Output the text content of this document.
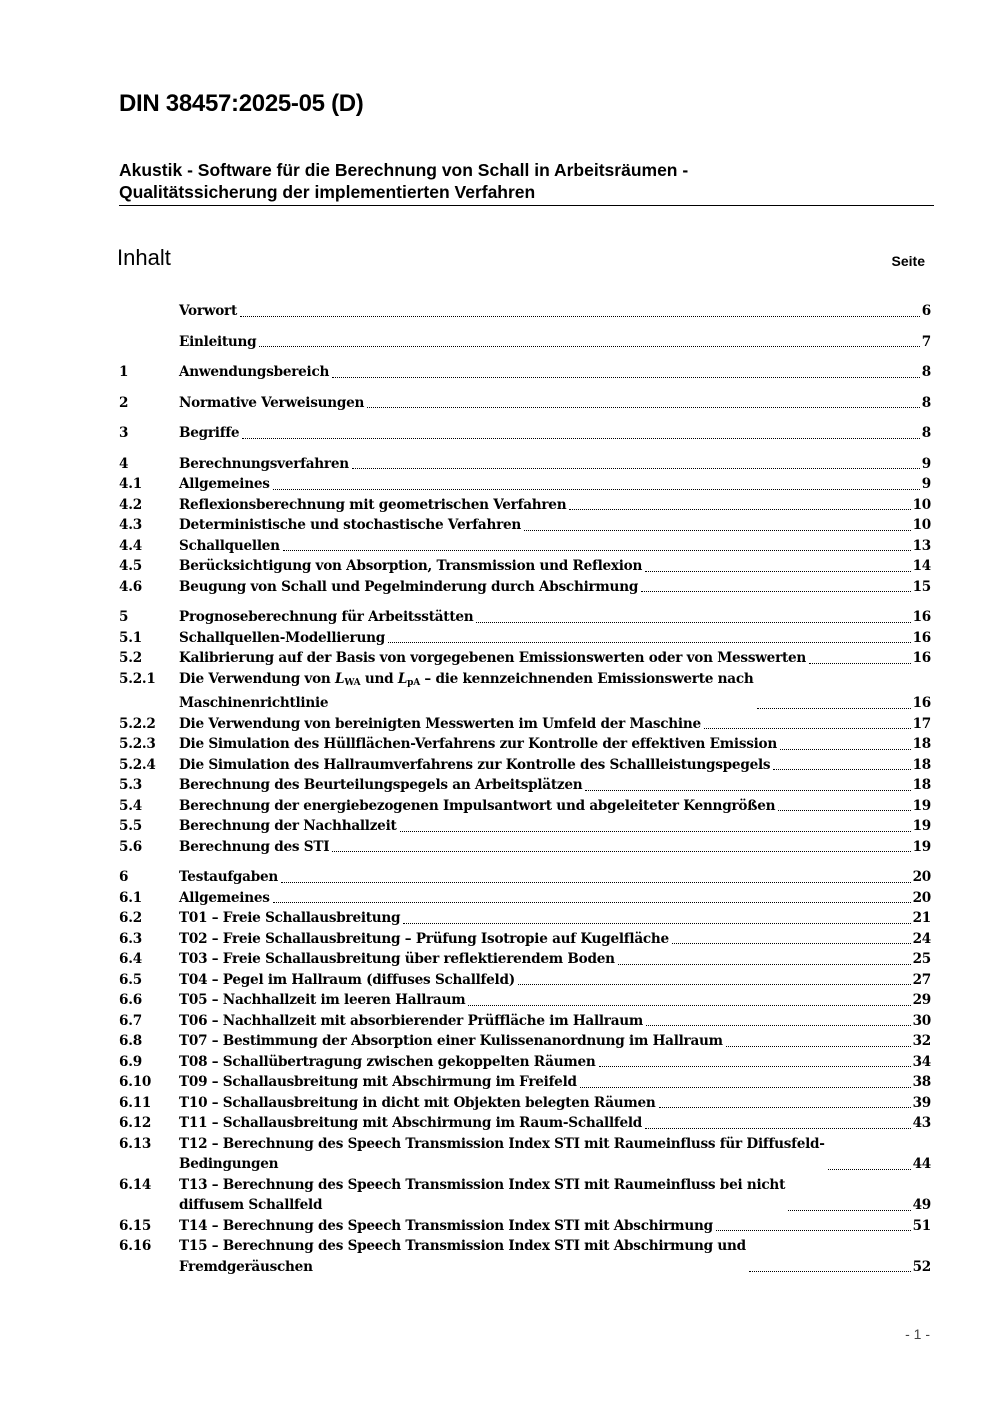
DIN 38457:2025-05 (D)
Akustik - Software für die Berechnung von Schall in Arbeitsräumen -
Qualitätssicherung der implementierten Verfahren
Inhalt	Seite
Vorwort	6
Einleitung	7
1	Anwendungsbereich	8
2	Normative Verweisungen	8
3	Begriffe	8
4	Berechnungsverfahren	9
4.1	Allgemeines	9
4.2	Reflexionsberechnung mit geometrischen Verfahren	10
4.3	Deterministische und stochastische Verfahren	10
4.4	Schallquellen	13
4.5	Berücksichtigung von Absorption, Transmission und Reflexion	14
4.6	Beugung von Schall und Pegelminderung durch Abschirmung	15
5	Prognoseberechnung für Arbeitsstätten	16
5.1	Schallquellen-Modellierung	16
5.2	Kalibrierung auf der Basis von vorgegebenen Emissionswerten oder von Messwerten	16
5.2.1	Die Verwendung von $L_{WA}$ und $L_{pA}$ – die kennzeichnenden Emissionswerte nach
Maschinenrichtlinie	16
5.2.2	Die Verwendung von bereinigten Messwerten im Umfeld der Maschine	17
5.2.3	Die Simulation des Hüllflächen-Verfahrens zur Kontrolle der effektiven Emission	18
5.2.4	Die Simulation des Hallraumverfahrens zur Kontrolle des Schallleistungspegels	18
5.3	Berechnung des Beurteilungspegels an Arbeitsplätzen	18
5.4	Berechnung der energiebezogenen Impulsantwort und abgeleiteter Kenngrößen	19
5.5	Berechnung der Nachhallzeit	19
5.6	Berechnung des STI	19
6	Testaufgaben	20
6.1	Allgemeines	20
6.2	T01 – Freie Schallausbreitung	21
6.3	T02 – Freie Schallausbreitung – Prüfung Isotropie auf Kugelfläche	24
6.4	T03 – Freie Schallausbreitung über reflektierendem Boden	25
6.5	T04 – Pegel im Hallraum (diffuses Schallfeld)	27
6.6	T05 – Nachhallzeit im leeren Hallraum	29
6.7	T06 – Nachhallzeit mit absorbierender Prüffläche im Hallraum	30
6.8	T07 – Bestimmung der Absorption einer Kulissenanordnung im Hallraum	32
6.9	T08 – Schallübertragung zwischen gekoppelten Räumen	34
6.10	T09 – Schallausbreitung mit Abschirmung im Freifeld	38
6.11	T10 – Schallausbreitung in dicht mit Objekten belegten Räumen	39
6.12	T11 – Schallausbreitung mit Abschirmung im Raum-Schallfeld	43
6.13	T12 – Berechnung des Speech Transmission Index STI mit Raumeinfluss für Diffusfeld-
Bedingungen	44
6.14	T13 – Berechnung des Speech Transmission Index STI mit Raumeinfluss bei nicht
diffusem Schallfeld	49
6.15	T14 – Berechnung des Speech Transmission Index STI mit Abschirmung	51
6.16	T15 – Berechnung des Speech Transmission Index STI mit Abschirmung und
Fremdgeräuschen	52
- 1 -
